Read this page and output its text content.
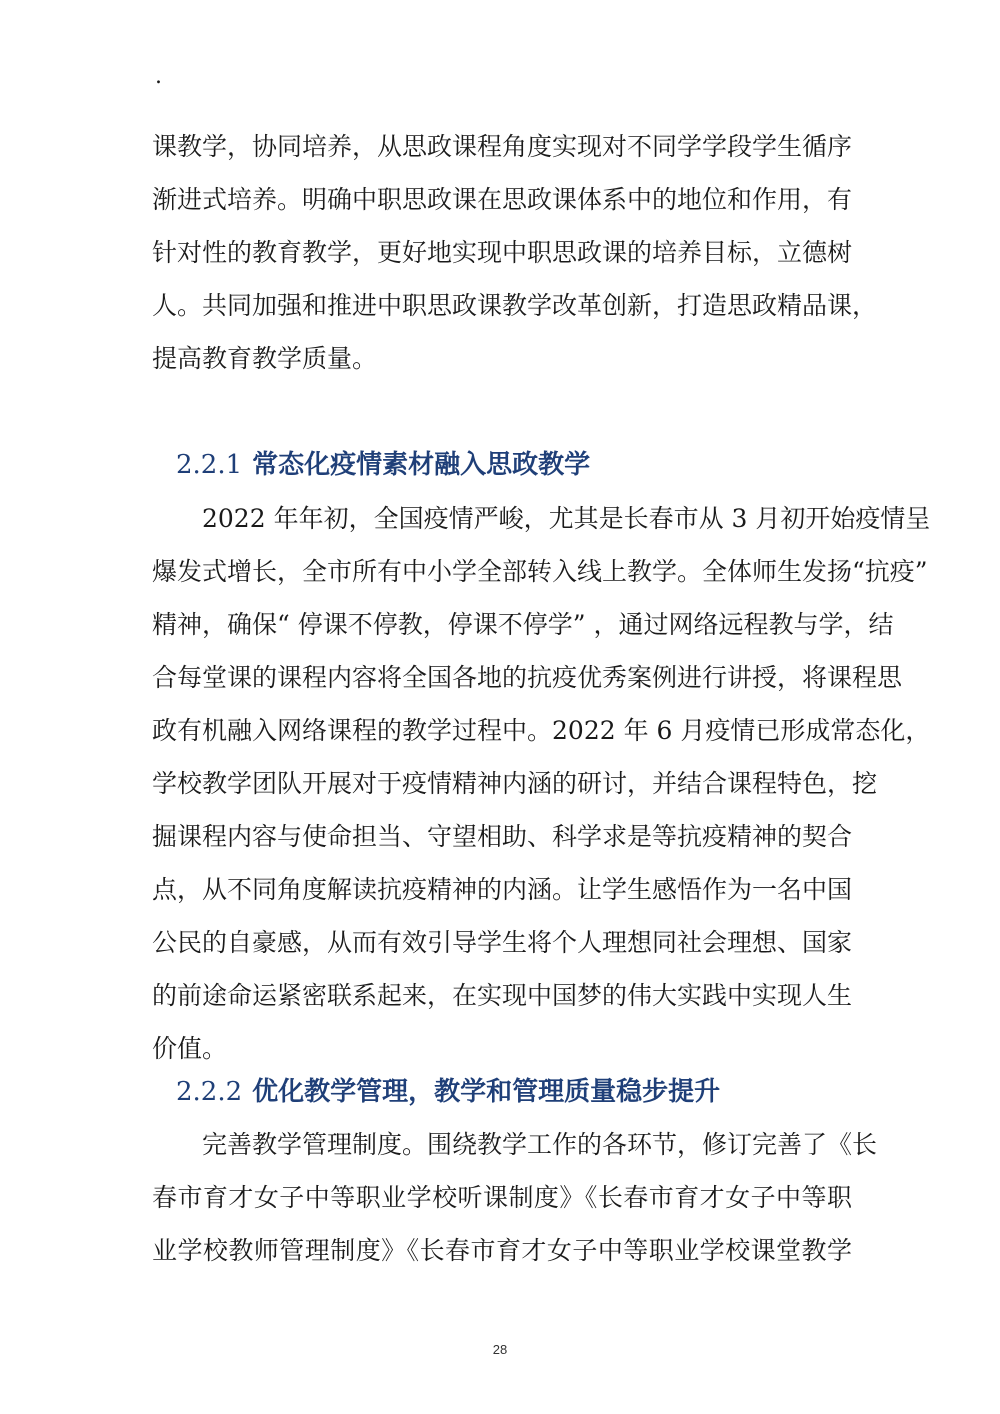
.
课教学，协同培养，从思政课程角度实现对不同学学段学生循序
渐进式培养。明确中职思政课在思政课体系中的地位和作用，有
针对性的教育教学，更好地实现中职思政课的培养目标，立德树
人。共同加强和推进中职思政课教学改革创新，打造思政精品课，
提高教育教学质量。
2.2.1 常态化疫情素材融入思政教学
2022 年年初，全国疫情严峻，尤其是长春市从 3 月初开始疫情呈
爆发式增长，全市所有中小学全部转入线上教学。全体师生发扬“抗疫”
精神，确保“ 停课不停教，停课不停学” ，通过网络远程教与学，结
合每堂课的课程内容将全国各地的抗疫优秀案例进行讲授，将课程思
政有机融入网络课程的教学过程中。2022 年 6 月疫情已形成常态化，
学校教学团队开展对于疫情精神内涵的研讨，并结合课程特色，挖
掘课程内容与使命担当、守望相助、科学求是等抗疫精神的契合
点，从不同角度解读抗疫精神的内涵。让学生感悟作为一名中国
公民的自豪感，从而有效引导学生将个人理想同社会理想、国家
的前途命运紧密联系起来，在实现中国梦的伟大实践中实现人生
价值。
2.2.2 优化教学管理，教学和管理质量稳步提升
完善教学管理制度。围绕教学工作的各环节，修订完善了《长
春市育才女子中等职业学校听课制度》《长春市育才女子中等职
业学校教师管理制度》《长春市育才女子中等职业学校课堂教学
28
